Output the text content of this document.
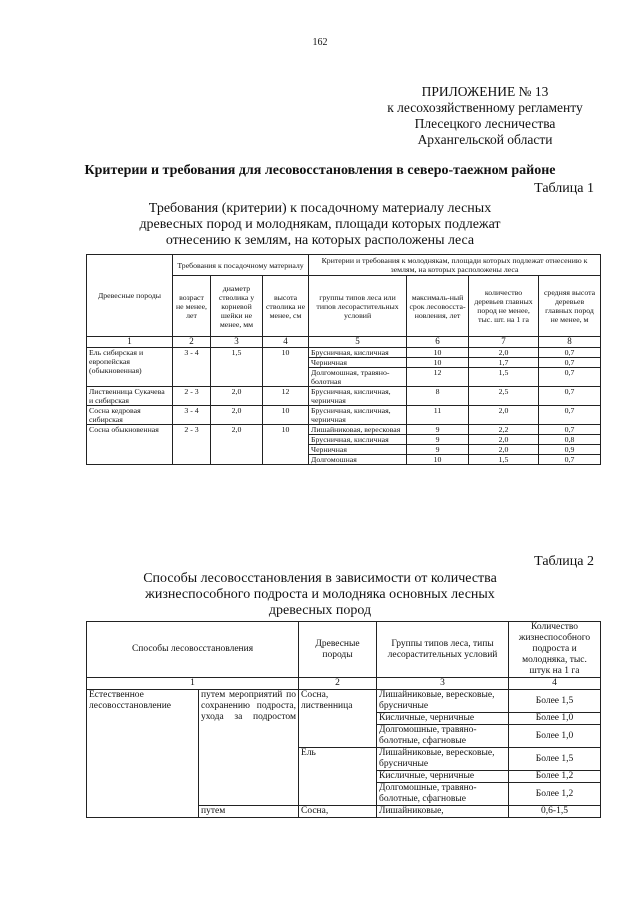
162
ПРИЛОЖЕНИЕ № 13
к лесохозяйственному регламенту
Плесецкого лесничества
Архангельской области
Критерии и требования для лесовосстановления в северо-таежном районе
Таблица 1
Требования (критерии) к посадочному материалу лесных
древесных пород и молоднякам, площади которых подлежат
отнесению к землям, на которых расположены леса
Древесные породы	Требования к посадочному материалу			Критерии и требования к молоднякам, площади которых подлежат отнесению к землям, на которых расположены леса			
	возраст не менее, лет	диаметр стволика у корневой шейки не менее, мм	высота стволика не менее, см	группы типов леса или типов лесорастительных условий	максималь-ный срок лесовосста-новления, лет	количество деревьев главных пород не менее, тыс. шт. на 1 га	средняя высота деревьев главных пород не менее, м
1	2	3	4	5	6	7	8
Ель сибирская и европейская (обыкновенная)	3 - 4	1,5	10	Брусничная, кисличная	10	2,0	0,7
				Черничная	10	1,7	0,7
				Долгомошная, травяно-болотная	12	1,5	0,7
Лиственница Сукачева и сибирская	2 - 3	2,0	12	Брусничная, кисличная, черничная	8	2,5	0,7
Сосна кедровая сибирская	3 - 4	2,0	10	Брусничная, кисличная, черничная	11	2,0	0,7
Сосна обыкновенная	2 - 3	2,0	10	Лишайниковая, вересковая	9	2,2	0,7
				Брусничная, кисличная	9	2,0	0,8
				Черничная	9	2,0	0,9
				Долгомошная	10	1,5	0,7
Таблица 2
Способы лесовосстановления в зависимости от количества
жизнеспособного подроста и молодняка основных лесных
древесных пород
Способы лесовосстановления		Древесные породы	Группы типов леса, типы лесорастительных условий	Количество жизнеспособного подроста и молодняка, тыс. штук на 1 га
1		2	3	4
Естественное лесовосстановление	путем мероприятий по сохранению подроста, ухода за подростом	Сосна, лиственница	Лишайниковые, вересковые, брусничные	Более 1,5
			Кисличные, черничные	Более 1,0
			Долгомошные, травяно-болотные, сфагновые	Более 1,0
		Ель	Лишайниковые, вересковые, брусничные	Более 1,5
			Кисличные, черничные	Более 1,2
			Долгомошные, травяно-болотные, сфагновые	Более 1,2
	путем	Сосна,	Лишайниковые,	0,6-1,5
